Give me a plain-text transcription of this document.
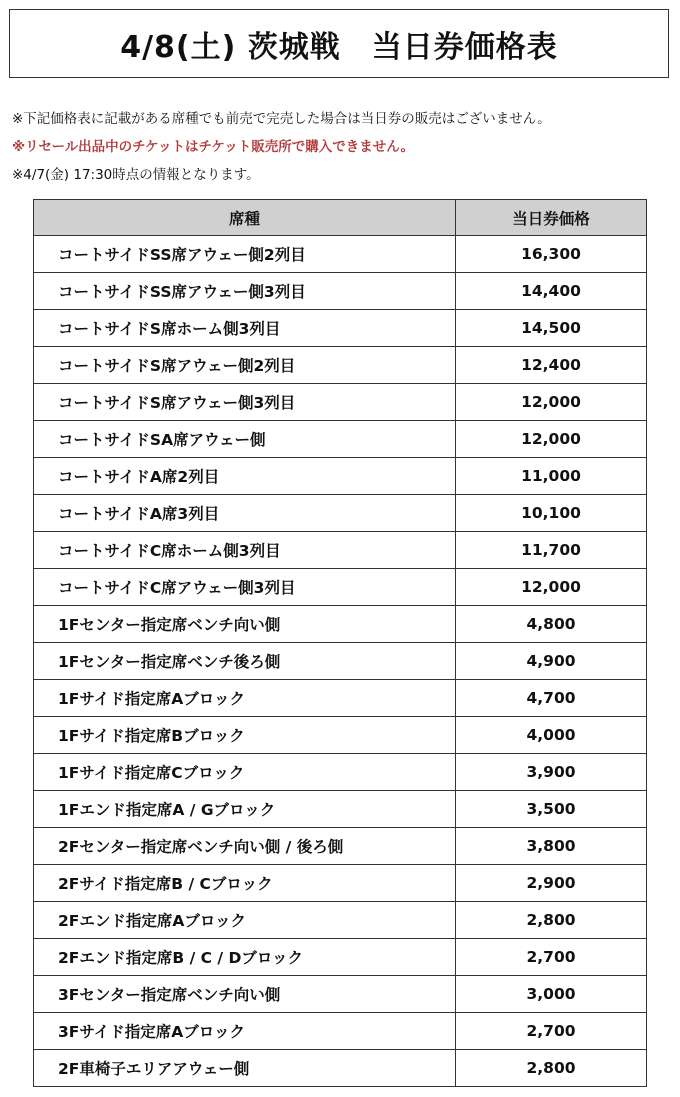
4/8(土) 茨城戦　当日券価格表
※下記価格表に記載がある席種でも前売で完売した場合は当日券の販売はございません。
※リセール出品中のチケットはチケット販売所で購入できません。
※4/7(金) 17:30時点の情報となります。
席種	当日券価格
コートサイドSS席アウェー側2列目	16,300
コートサイドSS席アウェー側3列目	14,400
コートサイドS席ホーム側3列目	14,500
コートサイドS席アウェー側2列目	12,400
コートサイドS席アウェー側3列目	12,000
コートサイドSA席アウェー側	12,000
コートサイドA席2列目	11,000
コートサイドA席3列目	10,100
コートサイドC席ホーム側3列目	11,700
コートサイドC席アウェー側3列目	12,000
1Fセンター指定席ベンチ向い側	4,800
1Fセンター指定席ベンチ後ろ側	4,900
1Fサイド指定席Aブロック	4,700
1Fサイド指定席Bブロック	4,000
1Fサイド指定席Cブロック	3,900
1Fエンド指定席A / Gブロック	3,500
2Fセンター指定席ベンチ向い側 / 後ろ側	3,800
2Fサイド指定席B / Cブロック	2,900
2Fエンド指定席Aブロック	2,800
2Fエンド指定席B / C / Dブロック	2,700
3Fセンター指定席ベンチ向い側	3,000
3Fサイド指定席Aブロック	2,700
2F車椅子エリアアウェー側	2,800
